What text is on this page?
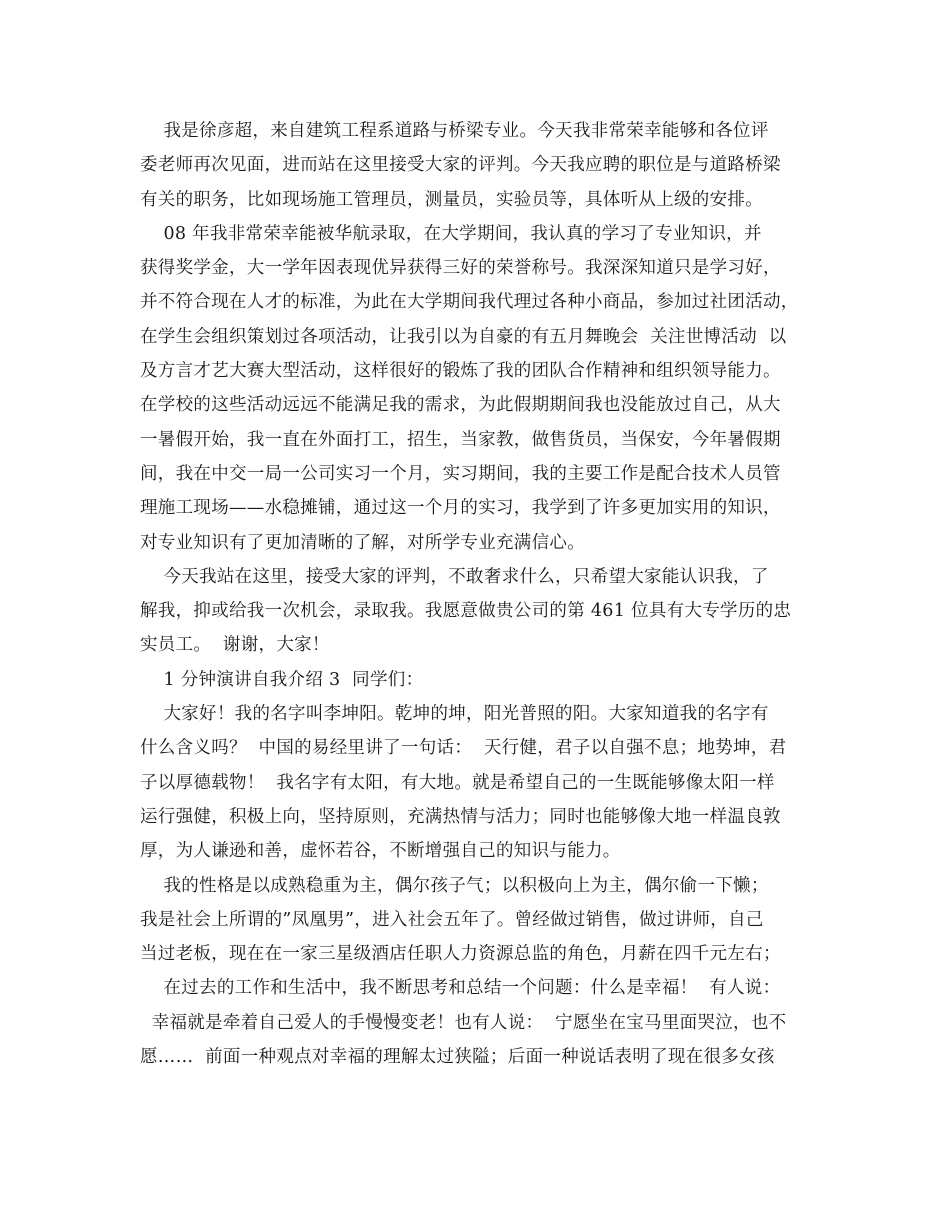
我是徐彦超，来自建筑工程系道路与桥梁专业。今天我非常荣幸能够和各位评
委老师再次见面，进而站在这里接受大家的评判。今天我应聘的职位是与道路桥梁
有关的职务，比如现场施工管理员，测量员，实验员等，具体听从上级的安排。
08 年我非常荣幸能被华航录取，在大学期间，我认真的学习了专业知识，并
获得奖学金，大一学年因表现优异获得三好的荣誉称号。我深深知道只是学习好，
并不符合现在人才的标准，为此在大学期间我代理过各种小商品，参加过社团活动，
在学生会组织策划过各项活动，让我引以为自豪的有五月舞晚会  关注世博活动  以
及方言才艺大赛大型活动，这样很好的锻炼了我的团队合作精神和组织领导能力。
在学校的这些活动远远不能满足我的需求，为此假期期间我也没能放过自己，从大
一暑假开始，我一直在外面打工，招生，当家教，做售货员，当保安，今年暑假期
间，我在中交一局一公司实习一个月，实习期间，我的主要工作是配合技术人员管
理施工现场——水稳摊铺，通过这一个月的实习，我学到了许多更加实用的知识，
对专业知识有了更加清晰的了解，对所学专业充满信心。
今天我站在这里，接受大家的评判，不敢奢求什么，只希望大家能认识我，了
解我，抑或给我一次机会，录取我。我愿意做贵公司的第 461 位具有大专学历的忠
实员工。  谢谢，大家！
1 分钟演讲自我介绍 3  同学们：
大家好！我的名字叫李坤阳。乾坤的坤，阳光普照的阳。大家知道我的名字有
什么含义吗？  中国的易经里讲了一句话：  天行健，君子以自强不息；地势坤，君
子以厚德载物！  我名字有太阳，有大地。就是希望自己的一生既能够像太阳一样
运行强健，积极上向，坚持原则，充满热情与活力；同时也能够像大地一样温良敦
厚，为人谦逊和善，虚怀若谷，不断增强自己的知识与能力。
我的性格是以成熟稳重为主，偶尔孩子气；以积极向上为主，偶尔偷一下懒；
我是社会上所谓的”凤凰男”，进入社会五年了。曾经做过销售，做过讲师，自己
当过老板，现在在一家三星级酒店任职人力资源总监的角色，月薪在四千元左右；
在过去的工作和生活中，我不断思考和总结一个问题：什么是幸福！  有人说：
幸福就是牵着自己爱人的手慢慢变老！也有人说：  宁愿坐在宝马里面哭泣，也不
愿……  前面一种观点对幸福的理解太过狭隘；后面一种说话表明了现在很多女孩
